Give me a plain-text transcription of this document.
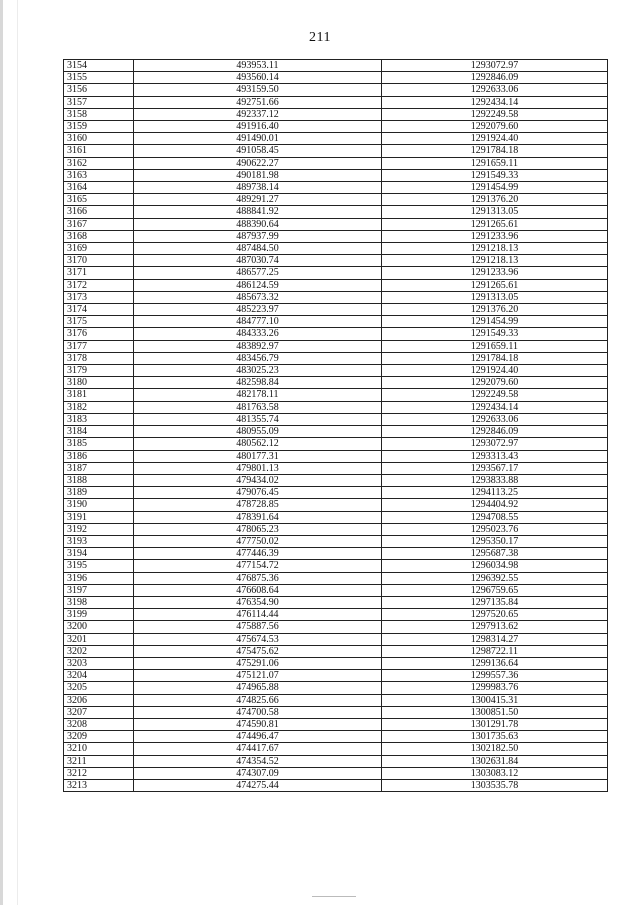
211
3154	493953.11	1293072.97
3155	493560.14	1292846.09
3156	493159.50	1292633.06
3157	492751.66	1292434.14
3158	492337.12	1292249.58
3159	491916.40	1292079.60
3160	491490.01	1291924.40
3161	491058.45	1291784.18
3162	490622.27	1291659.11
3163	490181.98	1291549.33
3164	489738.14	1291454.99
3165	489291.27	1291376.20
3166	488841.92	1291313.05
3167	488390.64	1291265.61
3168	487937.99	1291233.96
3169	487484.50	1291218.13
3170	487030.74	1291218.13
3171	486577.25	1291233.96
3172	486124.59	1291265.61
3173	485673.32	1291313.05
3174	485223.97	1291376.20
3175	484777.10	1291454.99
3176	484333.26	1291549.33
3177	483892.97	1291659.11
3178	483456.79	1291784.18
3179	483025.23	1291924.40
3180	482598.84	1292079.60
3181	482178.11	1292249.58
3182	481763.58	1292434.14
3183	481355.74	1292633.06
3184	480955.09	1292846.09
3185	480562.12	1293072.97
3186	480177.31	1293313.43
3187	479801.13	1293567.17
3188	479434.02	1293833.88
3189	479076.45	1294113.25
3190	478728.85	1294404.92
3191	478391.64	1294708.55
3192	478065.23	1295023.76
3193	477750.02	1295350.17
3194	477446.39	1295687.38
3195	477154.72	1296034.98
3196	476875.36	1296392.55
3197	476608.64	1296759.65
3198	476354.90	1297135.84
3199	476114.44	1297520.65
3200	475887.56	1297913.62
3201	475674.53	1298314.27
3202	475475.62	1298722.11
3203	475291.06	1299136.64
3204	475121.07	1299557.36
3205	474965.88	1299983.76
3206	474825.66	1300415.31
3207	474700.58	1300851.50
3208	474590.81	1301291.78
3209	474496.47	1301735.63
3210	474417.67	1302182.50
3211	474354.52	1302631.84
3212	474307.09	1303083.12
3213	474275.44	1303535.78
